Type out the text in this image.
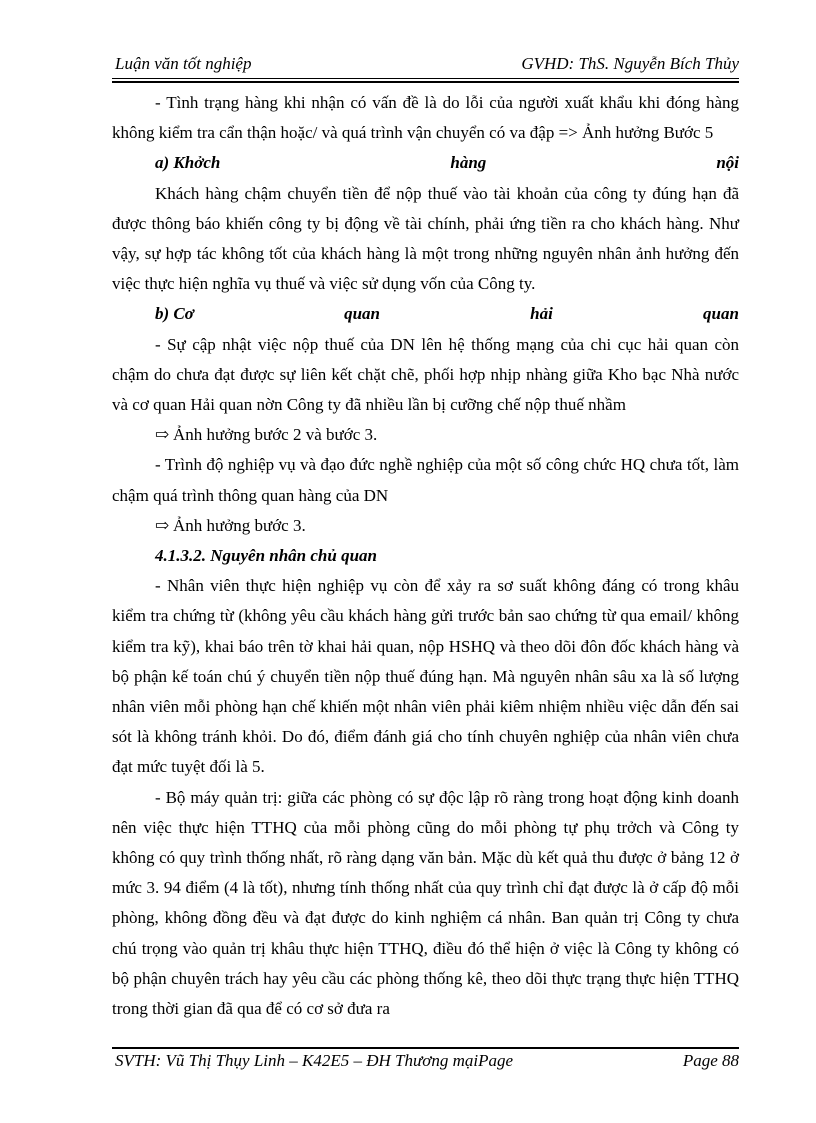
Luận văn tốt nghiệp	GVHD: ThS. Nguyễn Bích Thủy

- Tình trạng hàng khi nhận có vấn đề là do lỗi của người xuất khẩu khi đóng hàng không kiểm tra cẩn thận hoặc/ và quá trình vận chuyển có va đập => Ảnh hưởng Bước 5

a) Khởch	hàng	nội

Khách hàng chậm chuyển tiền để nộp thuế vào tài khoản của công ty đúng hạn đã được thông báo khiến công ty bị động về tài chính, phải ứng tiền ra cho khách hàng. Như vậy, sự hợp tác không tốt của khách hàng là một trong những nguyên nhân ảnh hưởng đến việc thực hiện nghĩa vụ thuế và việc sử dụng vốn của Công ty.

b) Cơ	quan	hải	quan

- Sự cập nhật việc nộp thuế của DN lên hệ thống mạng của chi cục hải quan còn chậm do chưa đạt được sự liên kết chặt chẽ, phối hợp nhịp nhàng giữa Kho bạc Nhà nước và cơ quan Hải quan nờn Công ty đã nhiều lần bị cưỡng chế nộp thuế nhầm

⇨ Ảnh hưởng bước 2 và bước 3.

- Trình độ nghiệp vụ và đạo đức nghề nghiệp của một số công chức HQ chưa tốt, làm chậm quá trình thông quan hàng của DN

⇨ Ảnh hưởng bước 3.

4.1.3.2. Nguyên nhân chủ quan

- Nhân viên thực hiện nghiệp vụ còn để xảy ra sơ suất không đáng có trong khâu kiểm tra chứng từ (không yêu cầu khách hàng gửi trước bản sao chứng từ qua email/ không kiểm tra kỹ), khai báo trên tờ khai hải quan, nộp HSHQ và theo dõi đôn đốc khách hàng và bộ phận kế toán chú ý chuyển tiền nộp thuế đúng hạn. Mà nguyên nhân sâu xa là số lượng nhân viên mỗi phòng hạn chế khiến một nhân viên phải kiêm nhiệm nhiều việc dẫn đến sai sót là không tránh khỏi. Do đó, điểm đánh giá cho tính chuyên nghiệp của nhân viên chưa đạt mức tuyệt đối là 5.

- Bộ máy quản trị: giữa các phòng có sự độc lập rõ ràng trong hoạt động kinh doanh nên việc thực hiện TTHQ của mỗi phòng cũng do mỗi phòng tự phụ trởch và Công ty không có quy trình thống nhất, rõ ràng dạng văn bản. Mặc dù kết quả thu được ở bảng 12 ở mức 3. 94 điểm (4 là tốt), nhưng tính thống nhất của quy trình chỉ đạt được là ở cấp độ mỗi phòng, không đồng đều và đạt được do kinh nghiệm cá nhân. Ban quản trị Công ty chưa chú trọng vào quản trị khâu thực hiện TTHQ, điều đó thể hiện ở việc là Công ty không có bộ phận chuyên trách hay yêu cầu các phòng thống kê, theo dõi thực trạng thực hiện TTHQ trong thời gian đã qua để có cơ sở đưa ra

SVTH: Vũ Thị Thụy Linh – K42E5 – ĐH Thương mạiPage	Page 88
